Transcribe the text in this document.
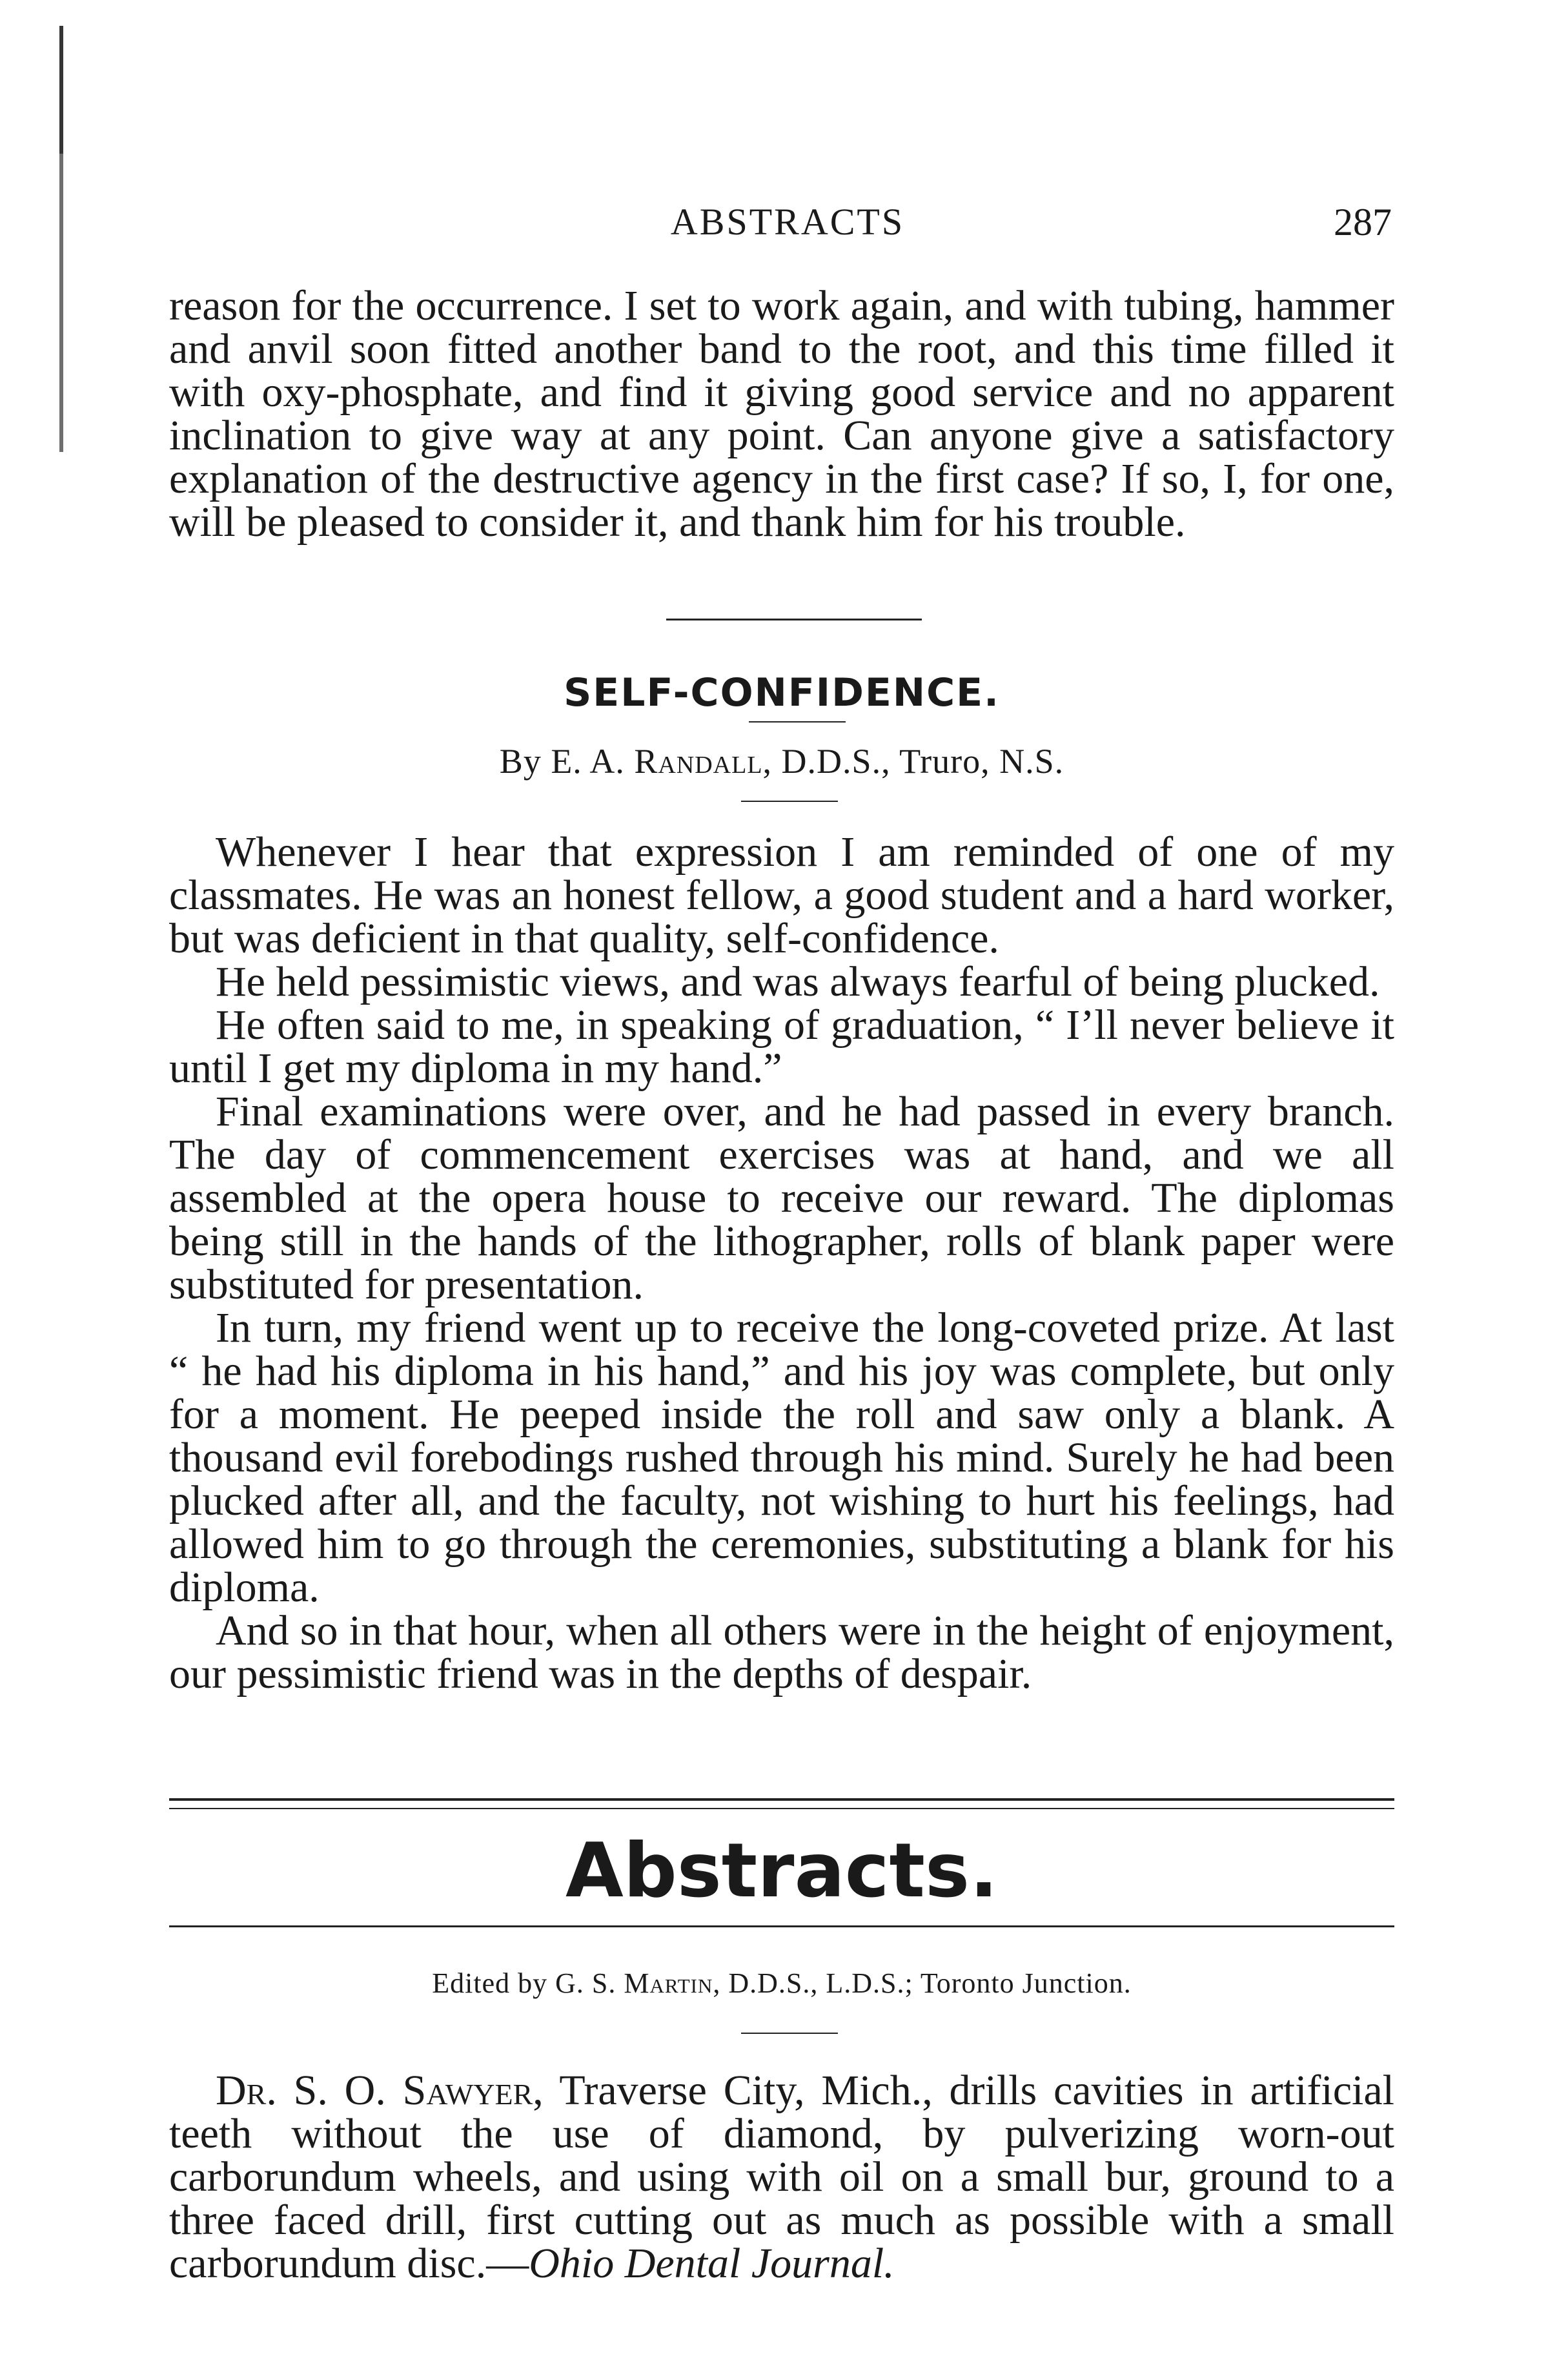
ABSTRACTS	287

reason for the occurrence. I set to work again, and with tubing, hammer and anvil soon fitted another band to the root, and this time filled it with oxy-phosphate, and find it giving good service and no apparent inclination to give way at any point. Can anyone give a satisfactory explanation of the destructive agency in the first case? If so, I, for one, will be pleased to consider it, and thank him for his trouble.

SELF-CONFIDENCE.
By E. A. Randall, D.D.S., Truro, N.S.

Whenever I hear that expression I am reminded of one of my classmates. He was an honest fellow, a good student and a hard worker, but was deficient in that quality, self-confidence.

He held pessimistic views, and was always fearful of being plucked.

He often said to me, in speaking of graduation, “ I’ll never believe it until I get my diploma in my hand.”

Final examinations were over, and he had passed in every branch. The day of commencement exercises was at hand, and we all assembled at the opera house to receive our reward. The diplomas being still in the hands of the lithographer, rolls of blank paper were substituted for presentation.

In turn, my friend went up to receive the long-coveted prize. At last “ he had his diploma in his hand,” and his joy was complete, but only for a moment. He peeped inside the roll and saw only a blank. A thousand evil forebodings rushed through his mind. Surely he had been plucked after all, and the faculty, not wishing to hurt his feelings, had allowed him to go through the ceremonies, substituting a blank for his diploma.

And so in that hour, when all others were in the height of enjoyment, our pessimistic friend was in the depths of despair.

Abstracts.
Edited by G. S. Martin, D.D.S., L.D.S.; Toronto Junction.

Dr. S. O. Sawyer, Traverse City, Mich., drills cavities in artificial teeth without the use of diamond, by pulverizing worn-out carborundum wheels, and using with oil on a small bur, ground to a three faced drill, first cutting out as much as possible with a small carborundum disc.—Ohio Dental Journal.
